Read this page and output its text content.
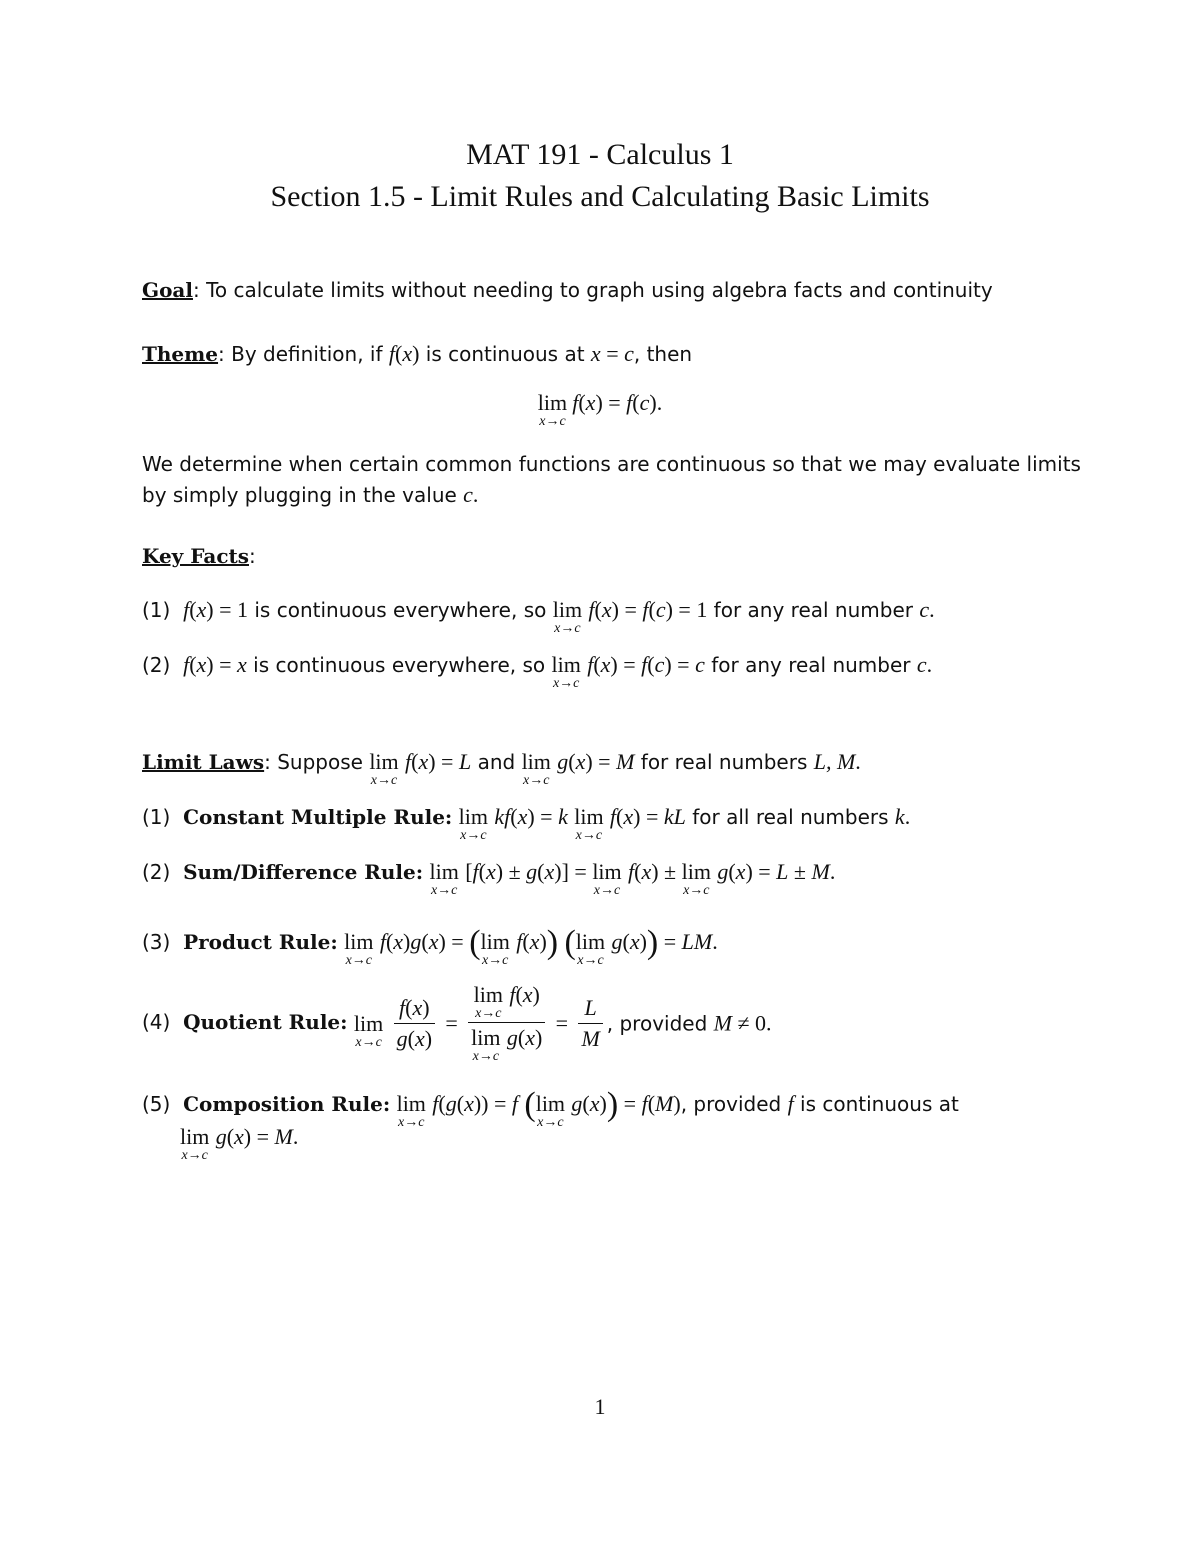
MAT 191 - Calculus 1
Section 1.5 - Limit Rules and Calculating Basic Limits
Goal: To calculate limits without needing to graph using algebra facts and continuity
Theme: By definition, if f(x) is continuous at x = c, then
lim
x→c
f(x) = f(c).
We determine when certain common functions are continuous so that we may evaluate limits
by simply plugging in the value c.
Key Facts:
(1) f(x) = 1 is continuous everywhere, so lim
x→c
f(x) = f(c) = 1 for any real number c.
(2) f(x) = x is continuous everywhere, so lim
x→c
f(x) = f(c) = c for any real number c.
Limit Laws: Suppose lim
x→c
f(x) = L and lim
x→c
g(x) = M for real numbers L, M.
(1) Constant Multiple Rule: lim
x→c
kf(x) = k lim
x→c
f(x) = kL for all real numbers k.
(2) Sum/Difference Rule: lim
x→c
[f(x) ± g(x)] = lim
x→c
f(x) ± lim
x→c
g(x) = L ± M.
(3) Product Rule: lim
x→c
f(x)g(x) = (lim
x→c
f(x)) (lim
x→c
g(x)) = LM.
(4) Quotient Rule: lim
x→c
$\frac{f(x)}{g(x)} = \lim$
x→c
f(x)
lim
x→c
$g(x) = \frac{L}{M}$ , provided M ≠ 0.
(5) Composition Rule: lim
x→c
f(g(x)) = f (lim
x→c
g(x)) = f(M), provided f is continuous at
lim
x→c
g(x) = M.
1
